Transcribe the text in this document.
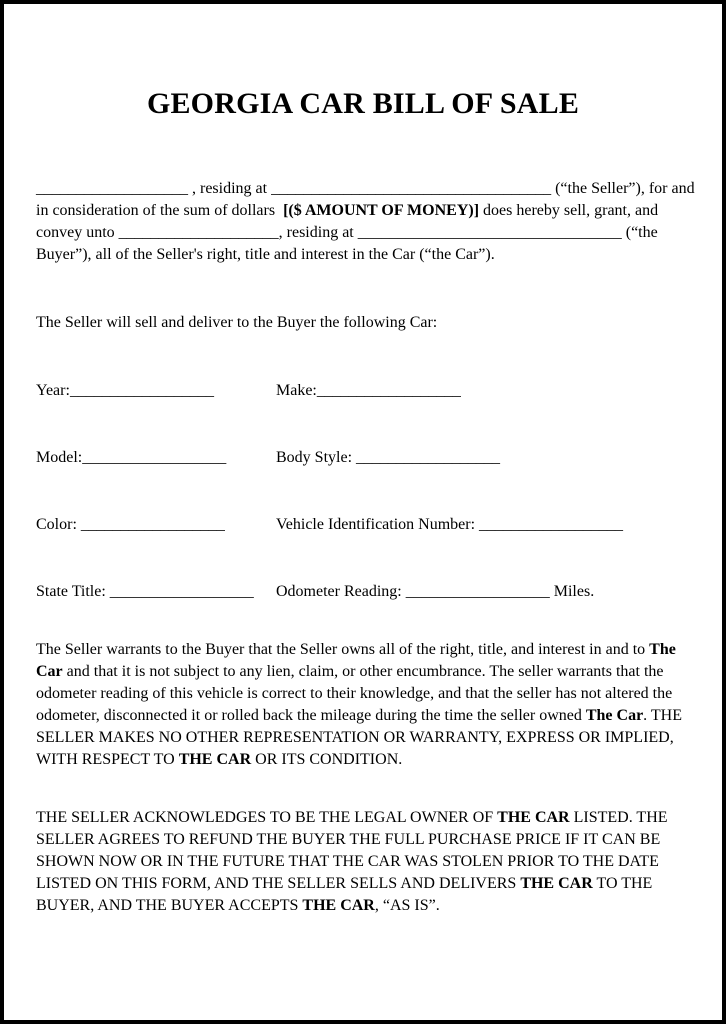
GEORGIA CAR BILL OF SALE
___________________ , residing at ___________________________________ (“the Seller”), for and
in consideration of the sum of dollars  [($ AMOUNT OF MONEY)] does hereby sell, grant, and
convey unto ____________________, residing at _________________________________ (“the
Buyer”), all of the Seller's right, title and interest in the Car (“the Car”).
The Seller will sell and deliver to the Buyer the following Car:
Year:__________________	Make:__________________
Model:__________________	Body Style: __________________
Color: __________________	Vehicle Identification Number: __________________
State Title: __________________	Odometer Reading: __________________ Miles.
The Seller warrants to the Buyer that the Seller owns all of the right, title, and interest in and to The
Car and that it is not subject to any lien, claim, or other encumbrance. The seller warrants that the
odometer reading of this vehicle is correct to their knowledge, and that the seller has not altered the
odometer, disconnected it or rolled back the mileage during the time the seller owned The Car. THE
SELLER MAKES NO OTHER REPRESENTATION OR WARRANTY, EXPRESS OR IMPLIED,
WITH RESPECT TO THE CAR OR ITS CONDITION.
THE SELLER ACKNOWLEDGES TO BE THE LEGAL OWNER OF THE CAR LISTED. THE
SELLER AGREES TO REFUND THE BUYER THE FULL PURCHASE PRICE IF IT CAN BE
SHOWN NOW OR IN THE FUTURE THAT THE CAR WAS STOLEN PRIOR TO THE DATE
LISTED ON THIS FORM, AND THE SELLER SELLS AND DELIVERS THE CAR TO THE
BUYER, AND THE BUYER ACCEPTS THE CAR, “AS IS”.
